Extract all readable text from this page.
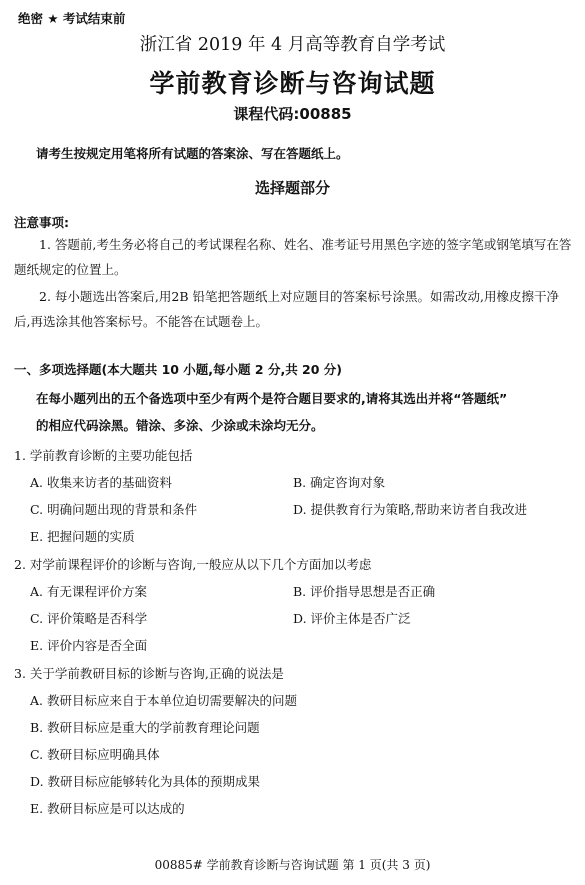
绝密 ★ 考试结束前
浙江省 2019 年 4 月高等教育自学考试
学前教育诊断与咨询试题
课程代码:00885
请考生按规定用笔将所有试题的答案涂、写在答题纸上。
选择题部分
注意事项:
1. 答题前,考生务必将自己的考试课程名称、姓名、准考证号用黑色字迹的签字笔或钢笔填写在答题纸规定的位置上。
2. 每小题选出答案后,用2B 铅笔把答题纸上对应题目的答案标号涂黑。如需改动,用橡皮擦干净后,再选涂其他答案标号。不能答在试题卷上。
一、多项选择题(本大题共 10 小题,每小题 2 分,共 20 分)
在每小题列出的五个备选项中至少有两个是符合题目要求的,请将其选出并将“答题纸”
的相应代码涂黑。错涂、多涂、少涂或未涂均无分。
1. 学前教育诊断的主要功能包括
A. 收集来访者的基础资料	B. 确定咨询对象
C. 明确问题出现的背景和条件	D. 提供教育行为策略,帮助来访者自我改进
E. 把握问题的实质
2. 对学前课程评价的诊断与咨询,一般应从以下几个方面加以考虑
A. 有无课程评价方案	B. 评价指导思想是否正确
C. 评价策略是否科学	D. 评价主体是否广泛
E. 评价内容是否全面
3. 关于学前教研目标的诊断与咨询,正确的说法是
A. 教研目标应来自于本单位迫切需要解决的问题
B. 教研目标应是重大的学前教育理论问题
C. 教研目标应明确具体
D. 教研目标应能够转化为具体的预期成果
E. 教研目标应是可以达成的
00885# 学前教育诊断与咨询试题 第 1 页(共 3 页)
